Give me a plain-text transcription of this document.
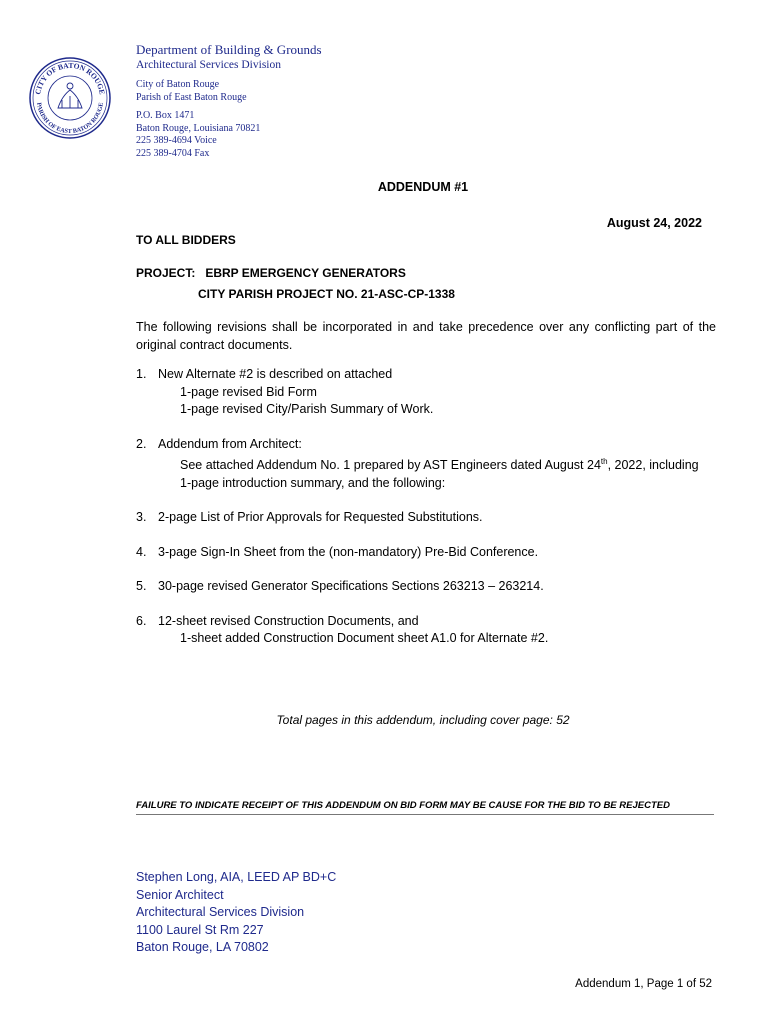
CITY OF BATON ROUGE
PARISH OF EAST BATON ROUGE

Department of Building & Grounds

Architectural Services Division

City of Baton Rouge

Parish of East Baton Rouge

P.O. Box 1471

Baton Rouge, Louisiana 70821

225 389-4694 Voice

225 389-4704 Fax

ADDENDUM #1
August 24, 2022
TO ALL BIDDERS
PROJECT:   EBRP EMERGENCY GENERATORS
CITY PARISH PROJECT NO. 21-ASC-CP-1338
The following revisions shall be incorporated in and take precedence over any conflicting part of the original contract documents.
1. New Alternate #2 is described on attached
1-page revised Bid Form
1-page revised City/Parish Summary of Work.
2. Addendum from Architect:
See attached Addendum No. 1 prepared by AST Engineers dated August 24th, 2022, including
1-page introduction summary, and the following:
3. 2-page List of Prior Approvals for Requested Substitutions.
4. 3-page Sign-In Sheet from the (non-mandatory) Pre-Bid Conference.
5. 30-page revised Generator Specifications Sections 263213 – 263214.
6. 12-sheet revised Construction Documents, and
1-sheet added Construction Document sheet A1.0 for Alternate #2.
Total pages in this addendum, including cover page: 52
FAILURE TO INDICATE RECEIPT OF THIS ADDENDUM ON BID FORM MAY BE CAUSE FOR THE BID TO BE REJECTED
Stephen Long, AIA, LEED AP BD+C
Senior Architect
Architectural Services Division
1100 Laurel St Rm 227
Baton Rouge, LA 70802
Addendum 1, Page 1 of 52
